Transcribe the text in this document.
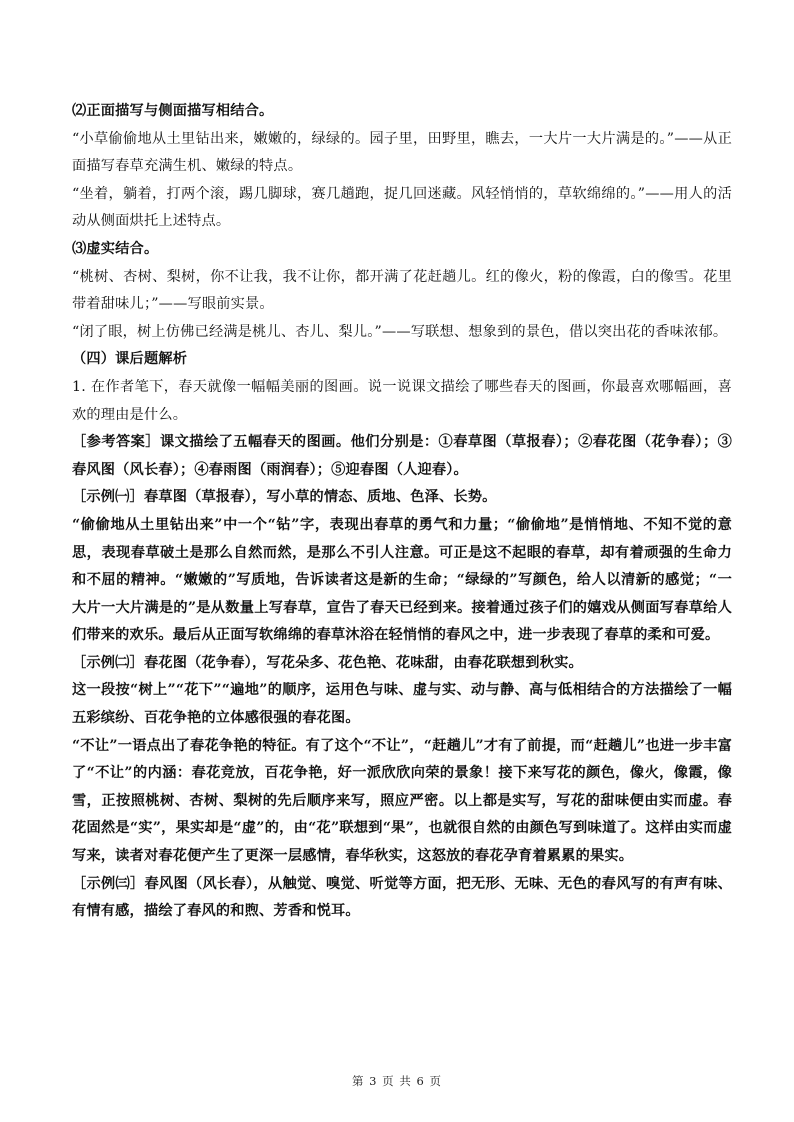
⑵正面描写与侧面描写相结合。

“小草偷偷地从土里钻出来，嫩嫩的，绿绿的。园子里，田野里，瞧去，一大片一大片满是的。”——从正面描写春草充满生机、嫩绿的特点。

“坐着，躺着，打两个滚，踢几脚球，赛几趟跑，捉几回迷藏。风轻悄悄的，草软绵绵的。”——用人的活动从侧面烘托上述特点。

⑶虚实结合。

“桃树、杏树、梨树，你不让我，我不让你，都开满了花赶趟儿。红的像火，粉的像霞，白的像雪。花里带着甜味儿；”——写眼前实景。

“闭了眼，树上仿佛已经满是桃儿、杏儿、梨儿。”——写联想、想象到的景色，借以突出花的香味浓郁。

（四）课后题解析

1. 在作者笔下，春天就像一幅幅美丽的图画。说一说课文描绘了哪些春天的图画，你最喜欢哪幅画，喜欢的理由是什么。

［参考答案］课文描绘了五幅春天的图画。他们分别是：①春草图（草报春）；②春花图（花争春）；③春风图（风长春）；④春雨图（雨润春）；⑤迎春图（人迎春）。

［示例㈠］春草图（草报春），写小草的情态、质地、色泽、长势。

“偷偷地从土里钻出来”中一个“钻”字，表现出春草的勇气和力量；“偷偷地”是悄悄地、不知不觉的意思，表现春草破土是那么自然而然，是那么不引人注意。可正是这不起眼的春草，却有着顽强的生命力和不屈的精神。“嫩嫩的”写质地，告诉读者这是新的生命；“绿绿的”写颜色，给人以清新的感觉；“一大片一大片满是的”是从数量上写春草，宣告了春天已经到来。接着通过孩子们的嬉戏从侧面写春草给人们带来的欢乐。最后从正面写软绵绵的春草沐浴在轻悄悄的春风之中，进一步表现了春草的柔和可爱。

［示例㈡］春花图（花争春），写花朵多、花色艳、花味甜，由春花联想到秋实。

这一段按“树上”“花下”“遍地”的顺序，运用色与味、虚与实、动与静、高与低相结合的方法描绘了一幅五彩缤纷、百花争艳的立体感很强的春花图。

“不让”一语点出了春花争艳的特征。有了这个“不让”，“赶趟儿”才有了前提，而“赶趟儿”也进一步丰富了“不让”的内涵：春花竞放，百花争艳，好一派欣欣向荣的景象！接下来写花的颜色，像火，像霞，像雪，正按照桃树、杏树、梨树的先后顺序来写，照应严密。以上都是实写，写花的甜味便由实而虚。春花固然是“实”，果实却是“虚”的，由“花”联想到“果”，也就很自然的由颜色写到味道了。这样由实而虚写来，读者对春花便产生了更深一层感情，春华秋实，这怒放的春花孕育着累累的果实。

［示例㈢］春风图（风长春），从触觉、嗅觉、听觉等方面，把无形、无味、无色的春风写的有声有味、有情有感，描绘了春风的和煦、芳香和悦耳。

第 3 页 共 6 页
